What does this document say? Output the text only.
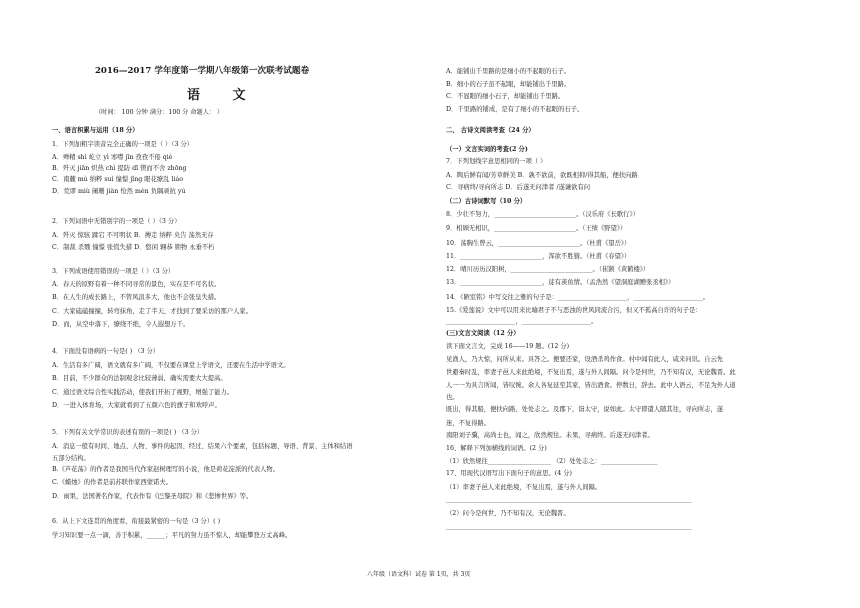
2016—2017 学年度第一学期八年级第一次联考试题卷
语 文
（时间： 100 分钟 满分：100 分 命题人： ）
一、语言积累与运用（18 分）
1．下列加粗字读音完全正确的一项是（ ）（3 分）
A．殚精 shì 屹立 yì 寒噤 jīn 孜孜不倦 qiè
B．歼灭 jiān 炽热 chì 提防 dī 锲而不舍 zhōng
C．南麓 mù 纳粹 suì 憧憬 jǐng 眼花缭乱 liáo
D．荒谬 miù 阑珊 jiàn 怆然 mèn 负隅顽抗 yú
2．下列词语中无错别字的一项是（ ）（3 分）
A．歼灭 惊骇 蹂宕 不可明状 B．搏走 纳粹 央告 荡然无存
C．制裁 杀戮 憧憬 张慌失措 D．悠闲 翱恭 锁物 永垂不朽
3．下列成语使用错误的一项是（ ）（3 分）
A．春天的原野有着一种不同寻常的景色，实在是不可名状。
B．在人生的成长路上，不管风浪多大，他也不会张皇失措。
C．大家磕磕撞撞，转弯抹角，走了半天，才找到了要采访的那户人家。
D．而，从空中落下，缭绕不绝，令人遐想万千。
4．下面没有语病的一句是( ) （3 分）
A．生活有多广阔，语文就有多广阔，不仅要在课堂上学语文，还要在生活中学语文。
B．目前，不少群众的法制观念比较薄弱，确实需要大大提高。
C．通过语文综合性实践活动，使我们开拓了视野，增强了能力。
D．一进入体育场，大家就看到了五颜六色的旗子和欢呼声。
5．下列有关文学常识的表述有误的一项是( ) （3 分）
A．消息一般有时间、地点、人物、事件的起因、经过、结果六个要素，包括标题、导语、背景、主体和结语
五部分结构。
B.《芦花荡》的作者是我国当代作家赵树理写的小说，他是荷花淀派的代表人物。
C.《蜡烛》的作者是前苏联作家西蒙诺夫。
D．雨果，法国著名作家，代表作有《巴黎圣母院》和《悲惨世界》等。
6．从上下文连贯的角度看，衔接最紧密的一句是（3 分）( )
学习知识要一点一滴，善于积累，______；平凡的努力虽不惊人，却能攀登万丈高峰。
A．能铺出千里路的是细小的不起眼的石子。
B．细小的石子虽不起眼，却能铺出千里路。
C．不显眼的细小石子，却能铺出千里路。
D．千里路的铺成，是有了细小的不起眼的石子。
二、 古诗文阅读考查（24 分）
（一）文言实词的考查(2 分)
7．下列划线字意思相同的一项（ ）
A．陶后鲜有闻/芳草鲜美 B．孰不欲前，欲既相抑/得其船，便扶向路
C．寻病终/寻向所志 D．后遂无问津者 /遂谦欲有问
（二）古诗词默写（10 分）
8．少壮不努力，__________________________。（汉乐府《长歌行》）
9．相顾无相识，__________________________。（王绩《野望》）
10．荡胸生曾云，__________________________。（杜甫《望岳》）
11．__________________________，浑欲不胜簪。（杜甫《春望》）
12．晴川历历汉阳树，__________________________。（崔颢《黄鹤楼》）
13．__________________________，徒有羡鱼情。（孟浩然《望洞庭湖赠张丞相》）
14．《陋室铭》中写交往之雅的句子是：______________________，______________________。
15.《爱莲说》文中可以用来比喻君子不与恶浊的世风同流合污，但又不孤高自许的句子是：
______________________，______________________。
(三)文言文阅读（12 分）
读下面文言文，完成 16——19 题。(12 分)
见渔人，乃大惊，问所从来。具答之。便要还家，设酒杀鸡作食。村中闻有此人，咸来问讯。自云先
世避秦时乱，率妻子邑人来此绝境，不复出焉，遂与外人间隔。问今是何世，乃不知有汉，无论魏晋。此
人一一为具言所闻，皆叹惋。余人各复延至其家，皆出酒食。停数日，辞去。此中人语云，不足为外人道
也。
既出，得其船，便扶向路，处处志之。及郡下，诣太守，说如此。太守即遣人随其往，寻向所志，遂
迷，不复得路。
南阳刘子骥，高尚士也，闻之，欣然规往。未果，寻病终。后遂无问津者。
16、解释下列加横线的词语。(2 分)
（1）欣然规往____________________ （2）处处志之：__________________
17、用现代汉语写出下面句子的意思。(4 分)
（1）率妻子邑人来此绝境，不复出焉，遂与外人间隔。
______________________________________________________________________________
（2）问今是何世，乃不知有汉，无论魏晋。
______________________________________________________________________________
八年级（语文科）试卷 第 1页，共 3页
